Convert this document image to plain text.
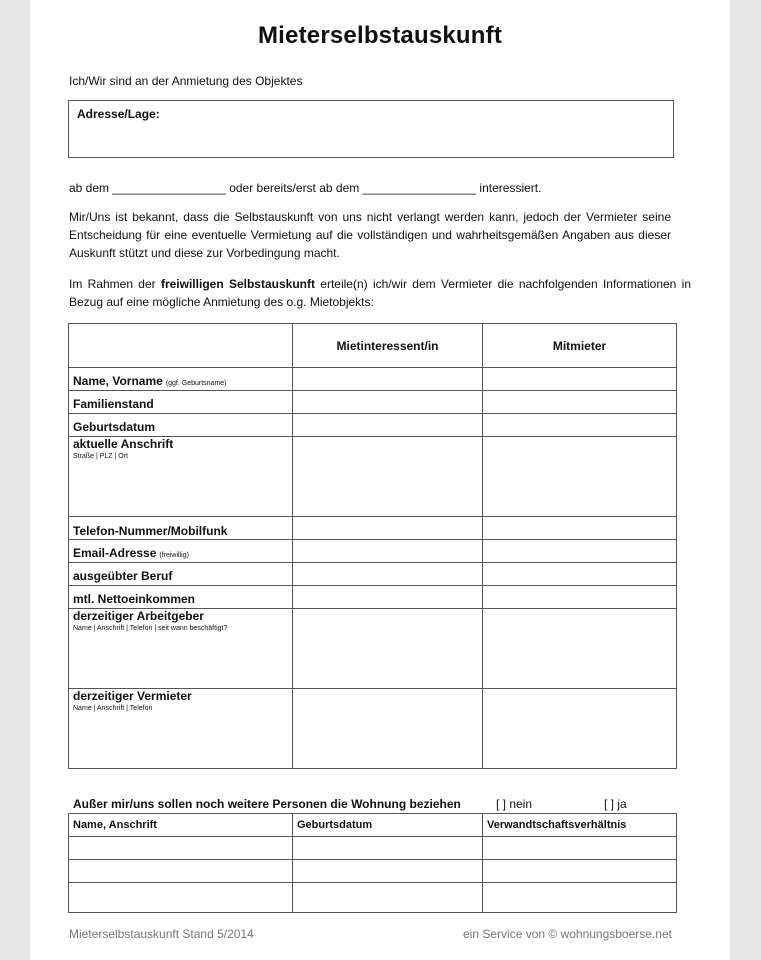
Mieterselbstauskunft
Ich/Wir sind an der Anmietung des Objektes
Adresse/Lage:
ab dem _________________ oder bereits/erst ab dem _________________ interessiert.
Mir/Uns ist bekannt, dass die Selbstauskunft von uns nicht verlangt werden kann, jedoch der Vermieter seine Entscheidung für eine eventuelle Vermietung auf die vollständigen und wahrheitsgemäßen Angaben aus dieser Auskunft stützt und diese zur Vorbedingung macht.
Im Rahmen der freiwilligen Selbstauskunft erteile(n) ich/wir dem Vermieter die nachfolgenden Informationen in Bezug auf eine mögliche Anmietung des o.g. Mietobjekts:
	Mietinteressent/in	Mitmieter
Name, Vorname (ggf. Geburtsname)		
Familienstand		
Geburtsdatum		
aktuelle Anschrift
Straße | PLZ | Ort		

Telefon-Nummer/Mobilfunk		
Email-Adresse (freiwillig)		
ausgeübter Beruf		
mtl. Nettoeinkommen		
derzeitiger Arbeitgeber
Name | Anschrift | Telefon | seit wann beschäftigt?		

derzeitiger Vermieter
Name | Anschrift | Telefon		

Außer mir/uns sollen noch weitere Personen die Wohnung beziehen	[ ] nein	[ ] ja
Name, Anschrift	Geburtsdatum	Verwandtschaftsverhältnis

Mieterselbstauskunft Stand 5/2014	ein Service von © wohnungsboerse.net
